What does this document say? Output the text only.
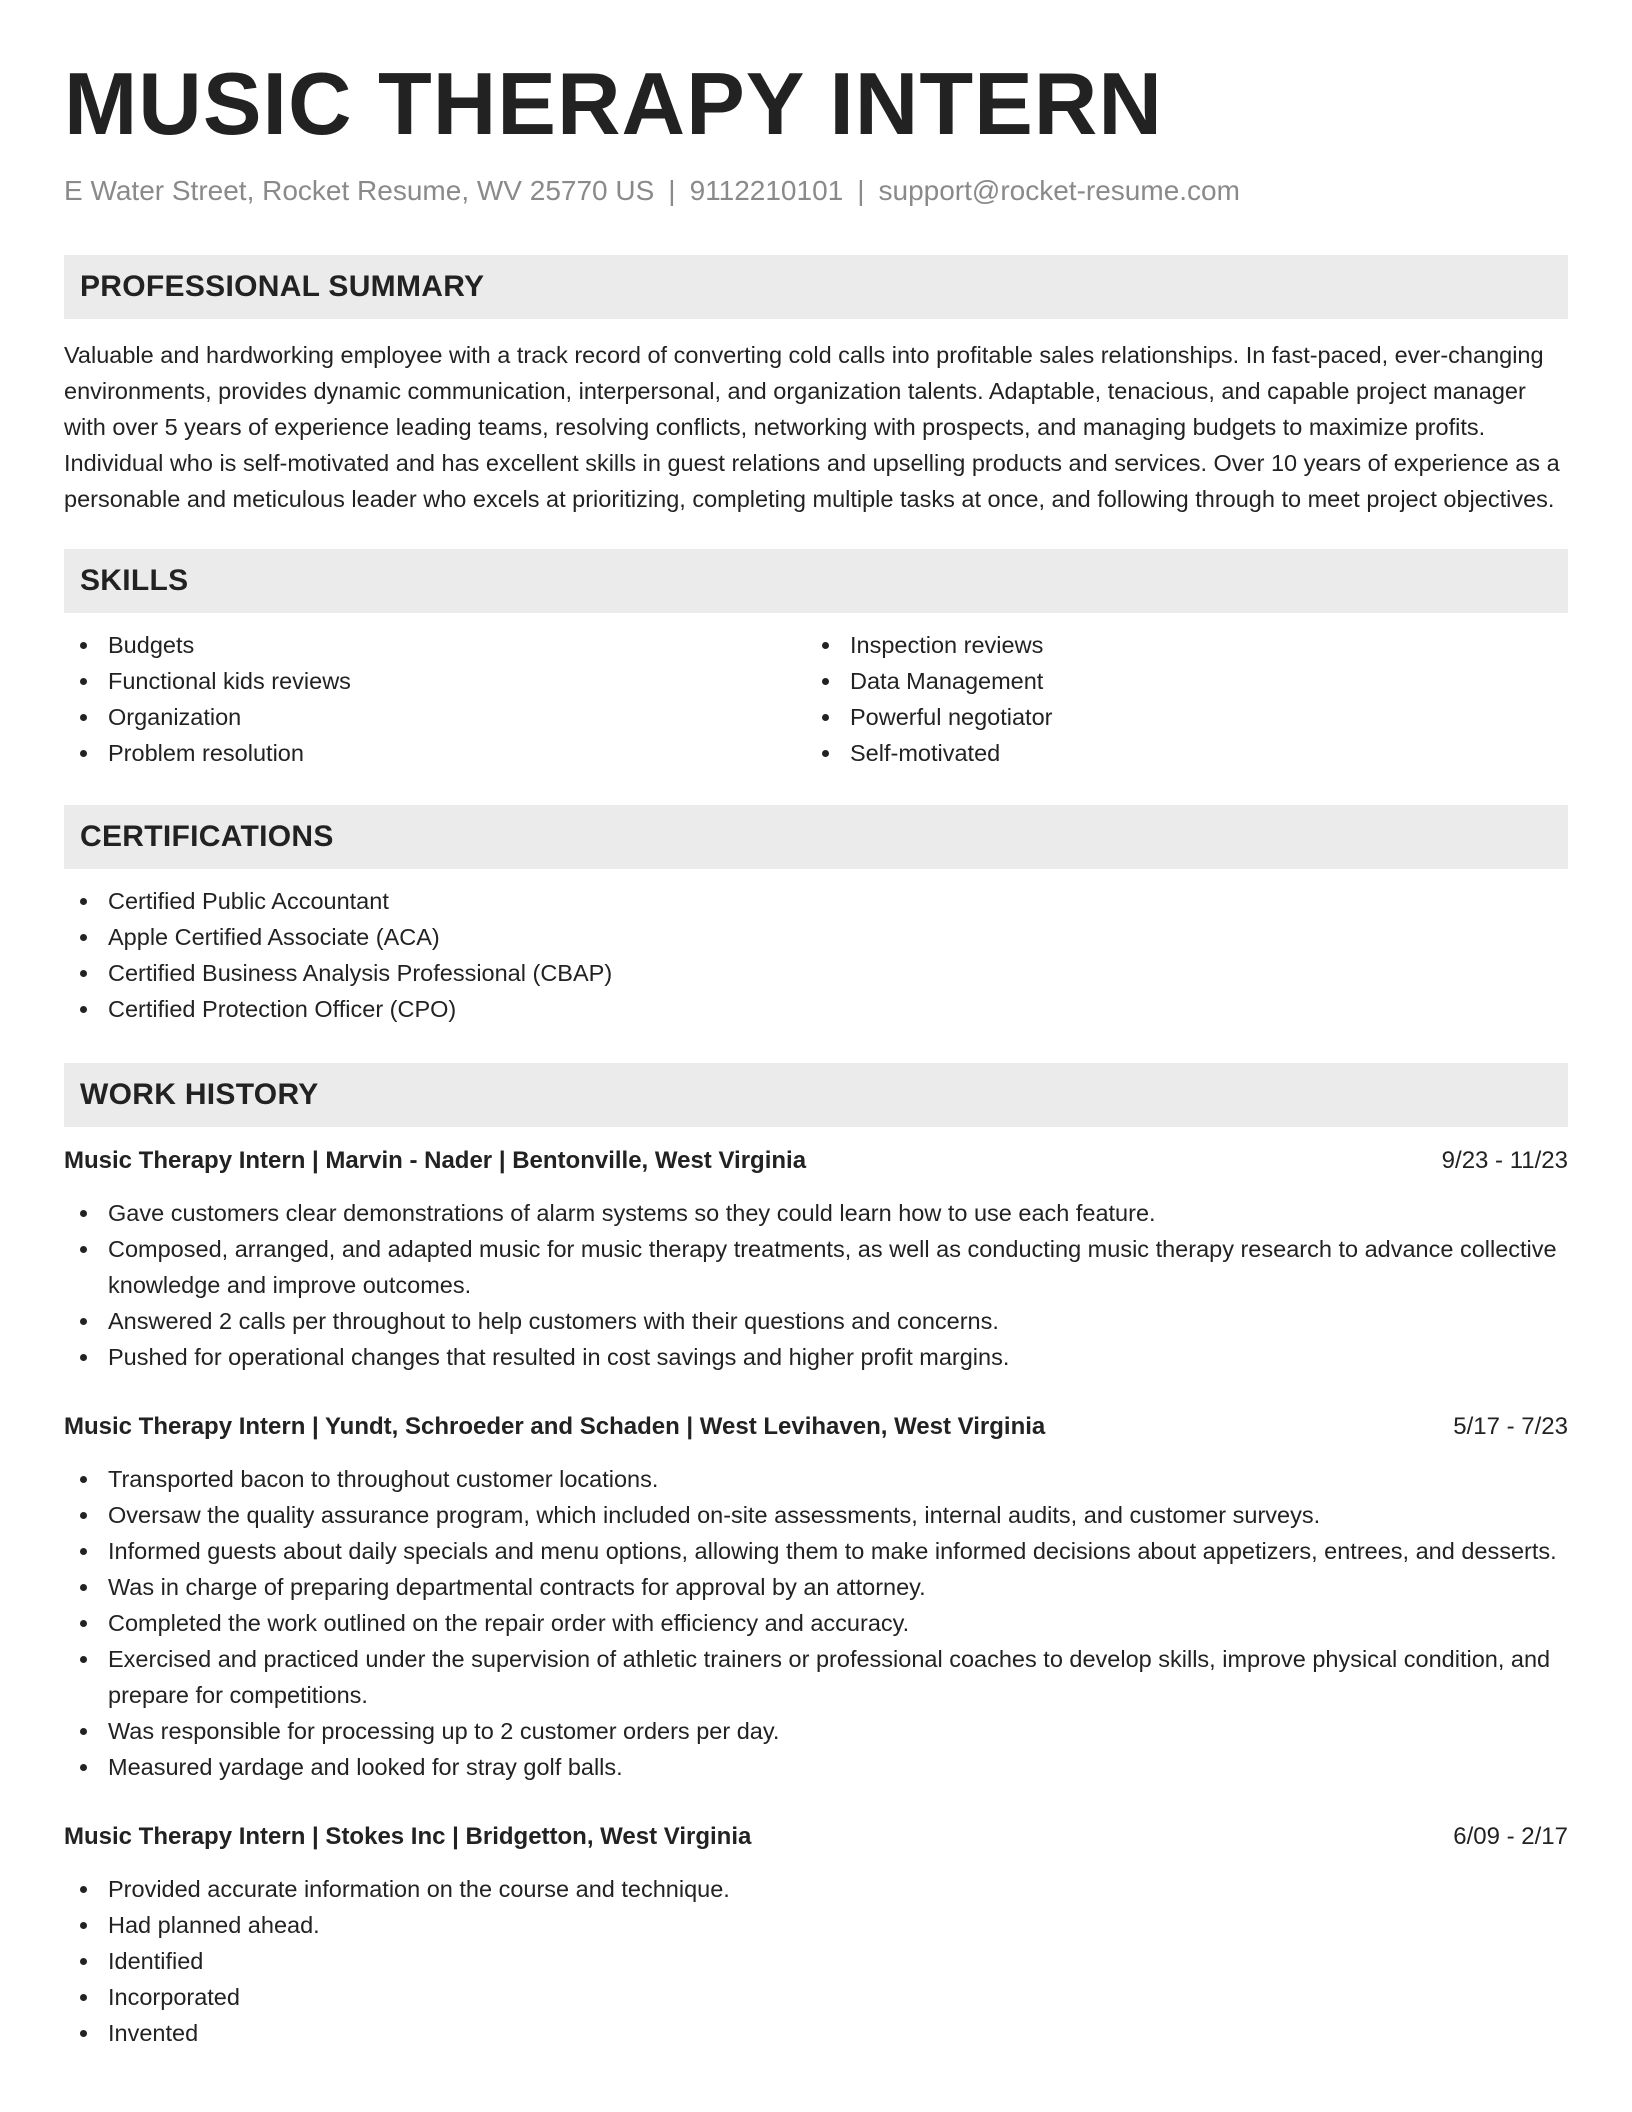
MUSIC THERAPY INTERN
E Water Street, Rocket Resume, WV 25770 US | 9112210101 | support@rocket-resume.com
PROFESSIONAL SUMMARY

Valuable and hardworking employee with a track record of converting cold calls into profitable sales relationships. In fast-paced, ever-changing environments, provides dynamic communication, interpersonal, and organization talents. Adaptable, tenacious, and capable project manager with over 5 years of experience leading teams, resolving conflicts, networking with prospects, and managing budgets to maximize profits. Individual who is self-motivated and has excellent skills in guest relations and upselling products and services. Over 10 years of experience as a personable and meticulous leader who excels at prioritizing, completing multiple tasks at once, and following through to meet project objectives.

SKILLS
Budgets
Functional kids reviews
Organization
Problem resolution
Inspection reviews
Data Management
Powerful negotiator
Self-motivated
CERTIFICATIONS
Certified Public Accountant
Apple Certified Associate (ACA)
Certified Business Analysis Professional (CBAP)
Certified Protection Officer (CPO)
WORK HISTORY
Music Therapy Intern | Marvin - Nader | Bentonville, West Virginia	9/23 - 11/23
Gave customers clear demonstrations of alarm systems so they could learn how to use each feature.
Composed, arranged, and adapted music for music therapy treatments, as well as conducting music therapy research to advance collective knowledge and improve outcomes.
Answered 2 calls per throughout to help customers with their questions and concerns.
Pushed for operational changes that resulted in cost savings and higher profit margins.
Music Therapy Intern | Yundt, Schroeder and Schaden | West Levihaven, West Virginia	5/17 - 7/23
Transported bacon to throughout customer locations.
Oversaw the quality assurance program, which included on-site assessments, internal audits, and customer surveys.
Informed guests about daily specials and menu options, allowing them to make informed decisions about appetizers, entrees, and desserts.
Was in charge of preparing departmental contracts for approval by an attorney.
Completed the work outlined on the repair order with efficiency and accuracy.
Exercised and practiced under the supervision of athletic trainers or professional coaches to develop skills, improve physical condition, and prepare for competitions.
Was responsible for processing up to 2 customer orders per day.
Measured yardage and looked for stray golf balls.
Music Therapy Intern | Stokes Inc | Bridgetton, West Virginia	6/09 - 2/17
Provided accurate information on the course and technique.
Had planned ahead.
Identified
Incorporated
Invented
